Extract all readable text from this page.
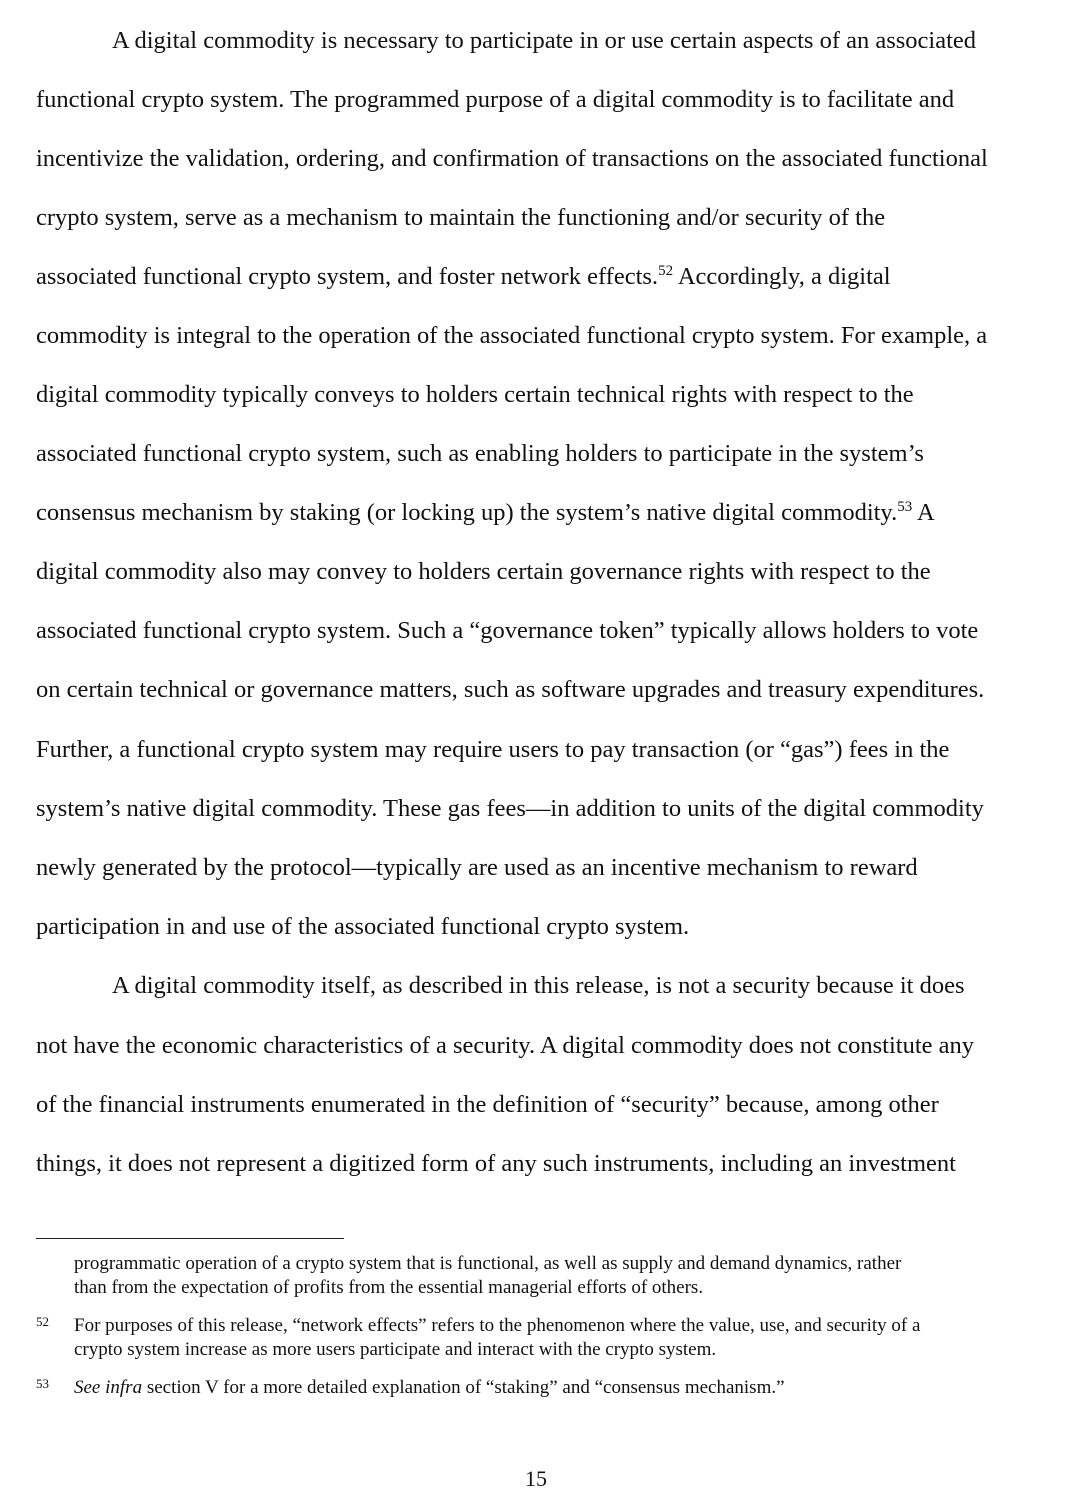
A digital commodity is necessary to participate in or use certain aspects of an associated

functional crypto system. The programmed purpose of a digital commodity is to facilitate and

incentivize the validation, ordering, and confirmation of transactions on the associated functional

crypto system, serve as a mechanism to maintain the functioning and/or security of the

associated functional crypto system, and foster network effects.$^{52}$ Accordingly, a digital

commodity is integral to the operation of the associated functional crypto system. For example, a

digital commodity typically conveys to holders certain technical rights with respect to the

associated functional crypto system, such as enabling holders to participate in the system’s

consensus mechanism by staking (or locking up) the system’s native digital commodity.$^{53}$ A

digital commodity also may convey to holders certain governance rights with respect to the

associated functional crypto system. Such a “governance token” typically allows holders to vote

on certain technical or governance matters, such as software upgrades and treasury expenditures.

Further, a functional crypto system may require users to pay transaction (or “gas”) fees in the

system’s native digital commodity. These gas fees—in addition to units of the digital commodity

newly generated by the protocol—typically are used as an incentive mechanism to reward

participation in and use of the associated functional crypto system.

A digital commodity itself, as described in this release, is not a security because it does

not have the economic characteristics of a security. A digital commodity does not constitute any

of the financial instruments enumerated in the definition of “security” because, among other

things, it does not represent a digitized form of any such instruments, including an investment

programmatic operation of a crypto system that is functional, as well as supply and demand dynamics, rather

than from the expectation of profits from the essential managerial efforts of others.

52 For purposes of this release, “network effects” refers to the phenomenon where the value, use, and security of a

crypto system increase as more users participate and interact with the crypto system.

53 See infra section V for a more detailed explanation of “staking” and “consensus mechanism.”

15
